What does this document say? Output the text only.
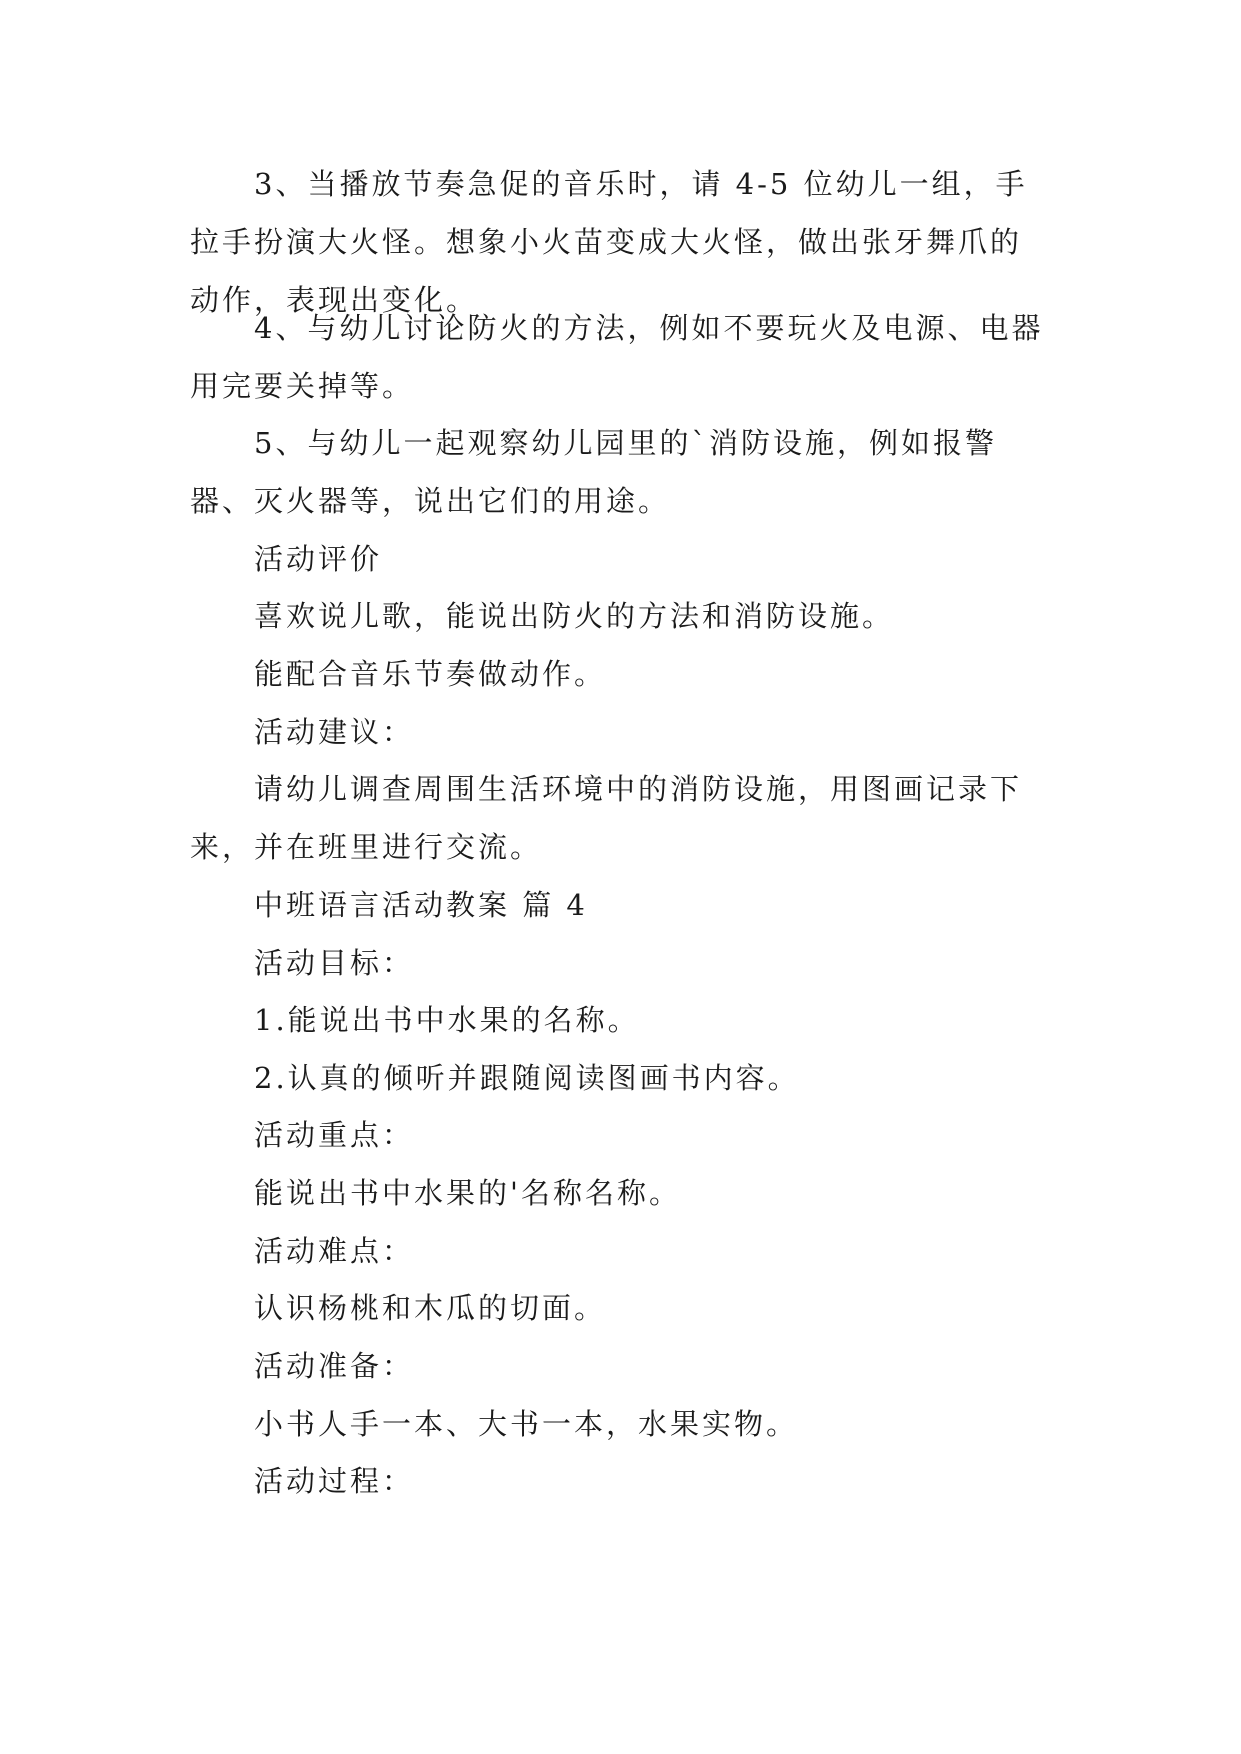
3、当播放节奏急促的音乐时，请 4-5 位幼儿一组，手拉手扮演大火怪。想象小火苗变成大火怪，做出张牙舞爪的动作，表现出变化。

4、与幼儿讨论防火的方法，例如不要玩火及电源、电器用完要关掉等。

5、与幼儿一起观察幼儿园里的`消防设施，例如报警器、灭火器等，说出它们的用途。

活动评价

喜欢说儿歌，能说出防火的方法和消防设施。

能配合音乐节奏做动作。

活动建议：

请幼儿调查周围生活环境中的消防设施，用图画记录下来，并在班里进行交流。

中班语言活动教案 篇 4

活动目标：

1.能说出书中水果的名称。

2.认真的倾听并跟随阅读图画书内容。

活动重点：

能说出书中水果的'名称名称。

活动难点：

认识杨桃和木瓜的切面。

活动准备：

小书人手一本、大书一本，水果实物。

活动过程：
